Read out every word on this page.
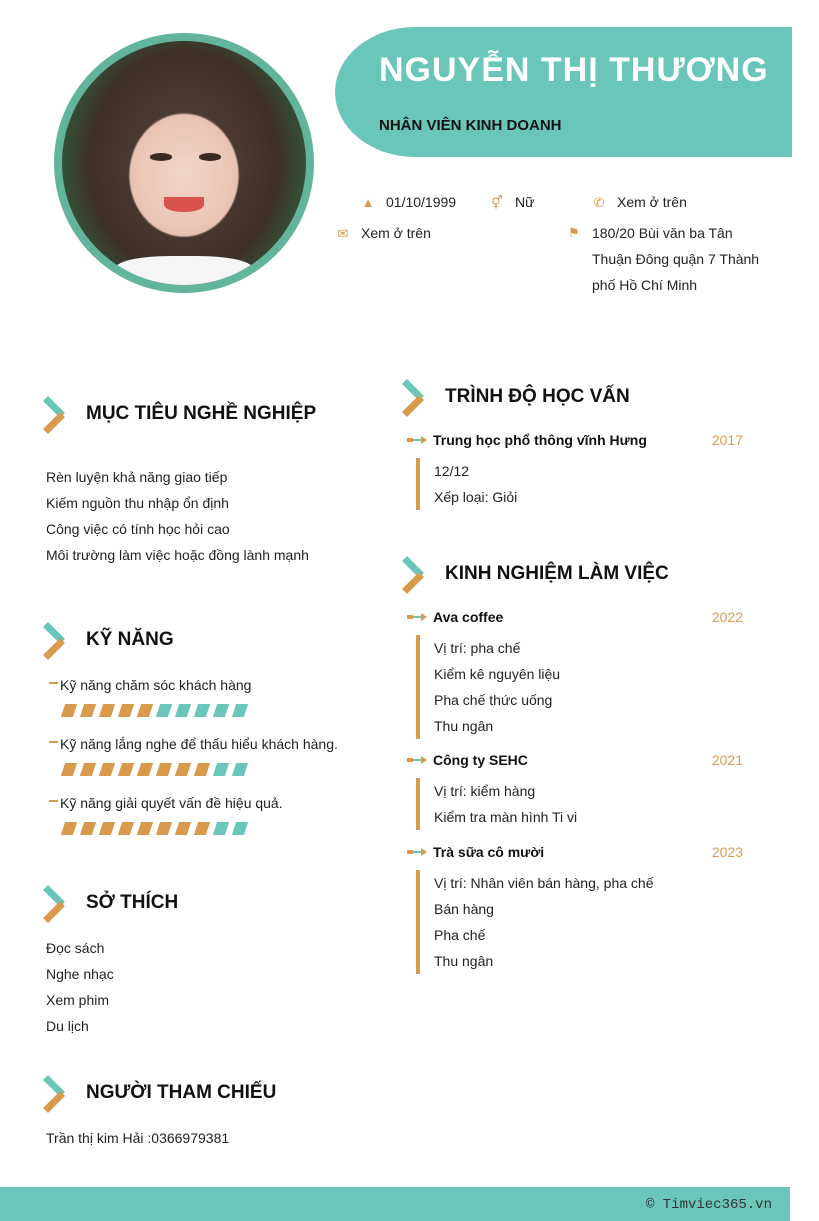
NGUYỄN THỊ THƯƠNG
NHÂN VIÊN KINH DOANH
▲ 01/10/1999	⚥ Nữ	✆ Xem ở trên
✉ Xem ở trên	⚑ 180/20 Bùi văn ba Tân Thuận Đông quận 7 Thành phố Hồ Chí Minh
MỤC TIÊU NGHỀ NGHIỆP
Rèn luyện khả năng giao tiếp
Kiếm nguồn thu nhập ổn định
Công việc có tính học hỏi cao
Môi trường làm việc hoặc đồng lành mạnh
KỸ NĂNG
Kỹ năng chăm sóc khách hàng
Kỹ năng lắng nghe để thấu hiểu khách hàng.
Kỹ năng giải quyết vấn đề hiệu quả.
SỞ THÍCH
Đọc sách
Nghe nhạc
Xem phim
Du lịch
NGƯỜI THAM CHIẾU
Trần thị kim Hải :0366979381
TRÌNH ĐỘ HỌC VẤN
Trung học phổ thông vĩnh Hưng	2017
12/12
Xếp loại: Giỏi
KINH NGHIỆM LÀM VIỆC
Ava coffee	2022
Vị trí: pha chế
Kiểm kê nguyên liệu
Pha chế thức uống
Thu ngân
Công ty SEHC	2021
Vị trí: kiểm hàng
Kiểm tra màn hình Ti vi
Trà sữa cô mười	2023
Vị trí: Nhân viên bán hàng, pha chế
Bán hàng
Pha chế
Thu ngân
© Timviec365.vn
